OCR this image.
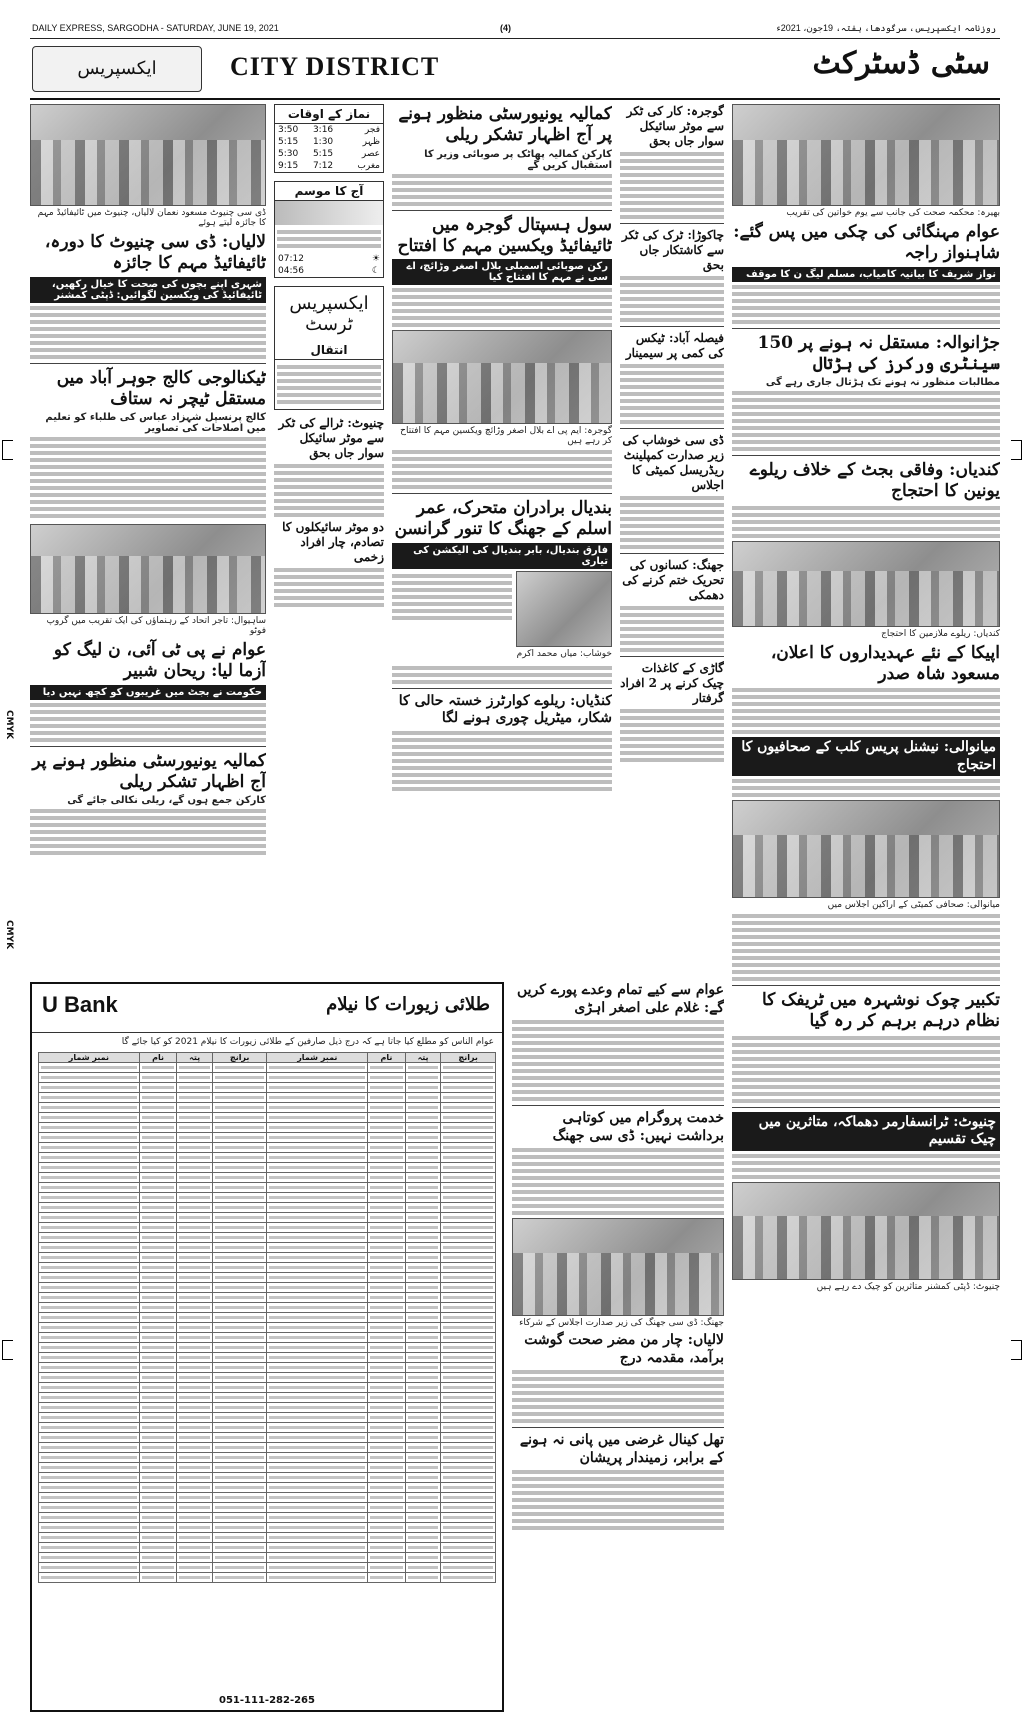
CMYK
CMYK
DAILY EXPRESS, SARGODHA - SATURDAY, JUNE 19, 2021	(4)	روزنامہ ایکسپریس، سرگودھا، ہفتہ، 19جون، 2021ء
ایکسپریس	CITY DISTRICT	سٹی ڈسٹرکٹ
ڈی سی چنیوٹ مسعود نعمان لالیاں، چنیوٹ میں ٹائیفائیڈ مہم کا جائزہ لیتے ہوئے
لالیاں: ڈی سی چنیوٹ کا دورہ، ٹائیفائیڈ مہم کا جائزہ
شہری اپنے بچوں کی صحت کا خیال رکھیں، ٹائیفائیڈ کی ویکسین لگوائیں: ڈپٹی کمشنر
ٹیکنالوجی کالج جوہر آباد میں مستقل ٹیچر نہ ستاف
کالج پرنسپل شہزاد عباس کی طلباء کو تعلیم میں اصلاحات کی تصاویر
ساہیوال: تاجر اتحاد کے رہنماؤں کی ایک تقریب میں گروپ فوٹو
عوام نے پی ٹی آئی، ن لیگ کو آزما لیا: ریحان شبیر
حکومت نے بجٹ میں غریبوں کو کچھ نہیں دیا
کمالیہ یونیورسٹی منظور ہونے پر آج اظہار تشکر ریلی
کارکن جمع ہوں گے، ریلی نکالی جائے گی
نماز کے اوقات
3:50	3:16	فجر
5:15	1:30	ظہر
5:30	5:15	عصر
9:15	7:12	مغرب
آج کا موسم
07:12	☀
04:56	☾
ایکسپریس ٹرسٹ
انتقال
چنیوٹ: ٹرالے کی ٹکر سے موٹر سائیکل سوار جاں بحق
دو موٹر سائیکلوں کا تصادم، چار افراد زخمی
کمالیہ یونیورسٹی منظور ہونے پر آج اظہار تشکر ریلی
کارکن کمالیہ پھاٹک پر صوبائی وزیر کا استقبال کریں گے
سول ہسپتال گوجرہ میں ٹائیفائیڈ ویکسین مہم کا افتتاح
رکن صوبائی اسمبلی بلال اصغر وڑائچ، اے سی نے مہم کا افتتاح کیا
گوجرہ: ایم پی اے بلال اصغر وڑائچ ویکسین مہم کا افتتاح کر رہے ہیں
بندیال برادران متحرک، عمر اسلم کے جھنگ کا تنور گرانسن
فارق بندیال، بابر بندیال کی الیکشن کی تیاری
خوشاب: میاں محمد اکرم
کنڈیاں: ریلوے کوارٹرز خستہ حالی کا شکار، میٹریل چوری ہونے لگا
گوجرہ: کار کی ٹکر سے موٹر سائیکل سوار جاں بحق
چاکوڑا: ٹرک کی ٹکر سے کاشتکار جاں بحق
فیصلہ آباد: ٹیکس کی کمی پر سیمینار
ڈی سی خوشاب کی زیر صدارت کمپلینٹ ریڈریسل کمیٹی کا اجلاس
جھنگ: کسانوں کی تحریک ختم کرنے کی دھمکی
گاڑی کے کاغذات چیک کرنے پر 2 افراد گرفتار
بھیرہ: محکمہ صحت کی جانب سے یوم خواتین کی تقریب
عوام مہنگائی کی چکی میں پس گئے: شاہنواز راجہ
نواز شریف کا بیانیہ کامیاب، مسلم لیگ ن کا موقف
جڑانوالہ: مستقل نہ ہونے پر 150 سینٹری ورکرز کی ہڑتال
مطالبات منظور نہ ہونے تک ہڑتال جاری رہے گی
کندیاں: وفاقی بجٹ کے خلاف ریلوے یونین کا احتجاج
کندیاں: ریلوے ملازمین کا احتجاج
اپیکا کے نئے عہدیداروں کا اعلان، مسعود شاہ صدر
میانوالی: نیشنل پریس کلب کے صحافیوں کا احتجاج
میانوالی: صحافی کمیٹی کے اراکین اجلاس میں
تکبیر چوک نوشہرہ میں ٹریفک کا نظام درہم برہم کر رہ گیا
چنیوٹ: ٹرانسفارمر دھماکہ، متاثرین میں چیک تقسیم
چنیوٹ: ڈپٹی کمشنر متاثرین کو چیک دے رہے ہیں
عوام سے کیے تمام وعدے پورے کریں گے: غلام علی اصغر اہڑی
خدمت پروگرام میں کوتاہی برداشت نہیں: ڈی سی جھنگ
جھنگ: ڈی سی جھنگ کی زیر صدارت اجلاس کے شرکاء
لالیاں: چار من مضر صحت گوشت برآمد، مقدمہ درج
تھل کینال غرضی میں پانی نہ ہونے کے برابر، زمیندار پریشان
U Bank	طلائی زیورات کا نیلام
عوام الناس کو مطلع کیا جاتا ہے کہ درج ذیل صارفین کے طلائی زیورات کا نیلام 2021 کو کیا جائے گا
نمبر شمار	نام	پتہ	برانچ	نمبر شمار	نام	پتہ	برانچ

051-111-282-265
